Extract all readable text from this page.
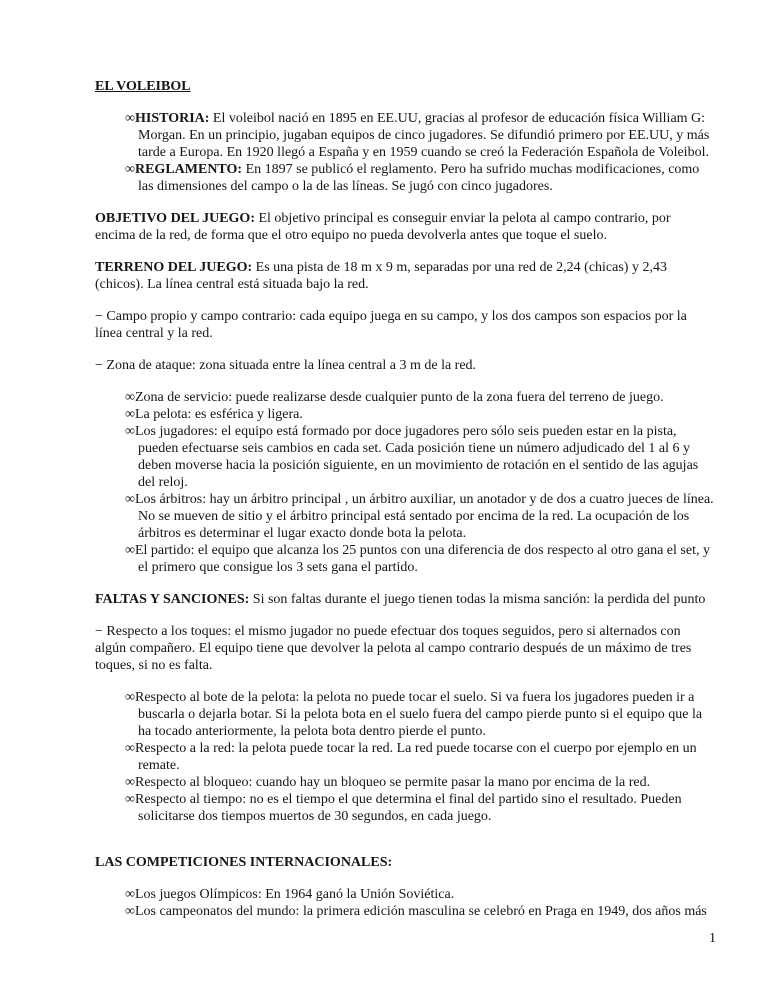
EL VOLEIBOL

∞HISTORIA: El voleibol nació en 1895 en EE.UU, gracias al profesor de educación física William G: Morgan. En un principio, jugaban equipos de cinco jugadores. Se difundió primero por EE.UU, y más tarde a Europa. En 1920 llegó a España y en 1959 cuando se creó la Federación Española de Voleibol.

∞REGLAMENTO: En 1897 se publicó el reglamento. Pero ha sufrido muchas modificaciones, como las dimensiones del campo o la de las líneas. Se jugó con cinco jugadores.

OBJETIVO DEL JUEGO: El objetivo principal es conseguir enviar la pelota al campo contrario, por encima de la red, de forma que el otro equipo no pueda devolverla antes que toque el suelo.

TERRENO DEL JUEGO: Es una pista de 18 m x 9 m, separadas por una red de 2,24 (chicas) y 2,43 (chicos). La línea central está situada bajo la red.

− Campo propio y campo contrario: cada equipo juega en su campo, y los dos campos son espacios por la línea central y la red.

− Zona de ataque: zona situada entre la línea central a 3 m de la red.

∞Zona de servicio: puede realizarse desde cualquier punto de la zona fuera del terreno de juego.

∞La pelota: es esférica y ligera.

∞Los jugadores: el equipo está formado por doce jugadores pero sólo seis pueden estar en la pista, pueden efectuarse seis cambios en cada set. Cada posición tiene un número adjudicado del 1 al 6 y deben moverse hacia la posición siguiente, en un movimiento de rotación en el sentido de las agujas del reloj.

∞Los árbitros: hay un árbitro principal , un árbitro auxiliar, un anotador y de dos a cuatro jueces de línea. No se mueven de sitio y el árbitro principal está sentado por encima de la red. La ocupación de los árbitros es determinar el lugar exacto donde bota la pelota.

∞El partido: el equipo que alcanza los 25 puntos con una diferencia de dos respecto al otro gana el set, y el primero que consigue los 3 sets gana el partido.

FALTAS Y SANCIONES: Si son faltas durante el juego tienen todas la misma sanción: la perdida del punto

− Respecto a los toques: el mismo jugador no puede efectuar dos toques seguidos, pero si alternados con algún compañero. El equipo tiene que devolver la pelota al campo contrario después de un máximo de tres toques, si no es falta.

∞Respecto al bote de la pelota: la pelota no puede tocar el suelo. Si va fuera los jugadores pueden ir a buscarla o dejarla botar. Si la pelota bota en el suelo fuera del campo pierde punto si el equipo que la ha tocado anteriormente, la pelota bota dentro pierde el punto.

∞Respecto a la red: la pelota puede tocar la red. La red puede tocarse con el cuerpo por ejemplo en un remate.

∞Respecto al bloqueo: cuando hay un bloqueo se permite pasar la mano por encima de la red.

∞Respecto al tiempo: no es el tiempo el que determina el final del partido sino el resultado. Pueden solicitarse dos tiempos muertos de 30 segundos, en cada juego.

LAS COMPETICIONES INTERNACIONALES:

∞Los juegos Olímpicos: En 1964 ganó la Unión Soviética.

∞Los campeonatos del mundo: la primera edición masculina se celebró en Praga en 1949, dos años más

1
